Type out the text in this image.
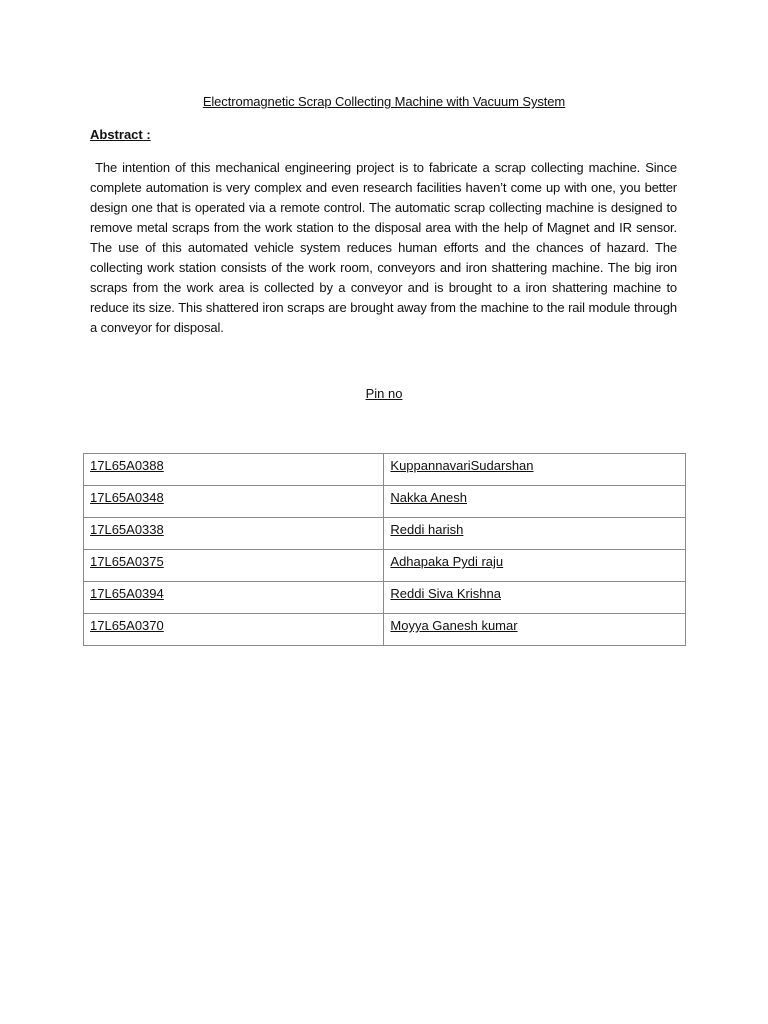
Electromagnetic Scrap Collecting Machine with Vacuum System
Abstract :
The intention of this mechanical engineering project is to fabricate a scrap collecting machine. Since complete automation is very complex and even research facilities haven’t come up with one, you better design one that is operated via a remote control. The automatic scrap collecting machine is designed to remove metal scraps from the work station to the disposal area with the help of Magnet and IR sensor. The use of this automated vehicle system reduces human efforts and the chances of hazard. The collecting work station consists of the work room, conveyors and iron shattering machine. The big iron scraps from the work area is collected by a conveyor and is brought to a iron shattering machine to reduce its size. This shattered iron scraps are brought away from the machine to the rail module through a conveyor for disposal.
Pin no
17L65A0388	KuppannavariSudarshan
17L65A0348	Nakka Anesh
17L65A0338	Reddi harish
17L65A0375	Adhapaka Pydi raju
17L65A0394	Reddi Siva Krishna
17L65A0370	Moyya Ganesh kumar
